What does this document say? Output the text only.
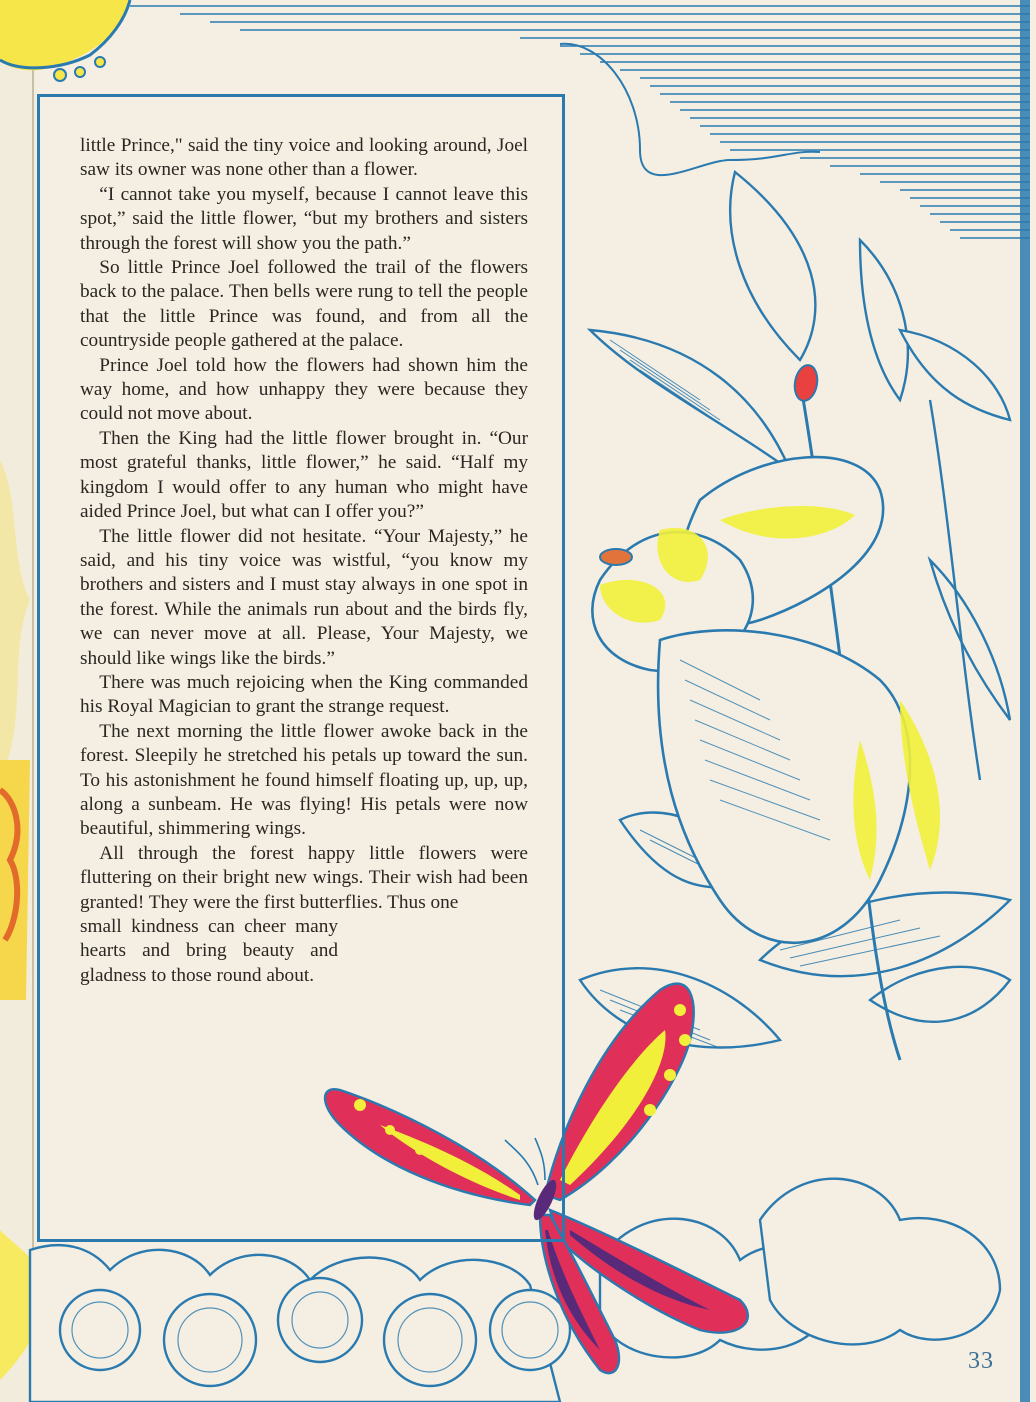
little Prince," said the tiny voice and looking around, Joel saw its owner was none other than a flower.

“I cannot take you myself, because I cannot leave this spot,” said the little flower, “but my brothers and sisters through the forest will show you the path.”

So little Prince Joel followed the trail of the flowers back to the palace. Then bells were rung to tell the people that the little Prince was found, and from all the countryside people gathered at the palace.

Prince Joel told how the flowers had shown him the way home, and how unhappy they were because they could not move about.

Then the King had the little flower brought in. “Our most grateful thanks, little flower,” he said. “Half my kingdom I would offer to any human who might have aided Prince Joel, but what can I offer you?”

The little flower did not hesitate. “Your Majesty,” he said, and his tiny voice was wistful, “you know my brothers and sisters and I must stay always in one spot in the forest. While the animals run about and the birds fly, we can never move at all. Please, Your Majesty, we should like wings like the birds.”

There was much rejoicing when the King commanded his Royal Magician to grant the strange request.

The next morning the little flower awoke back in the forest. Sleepily he stretched his petals up toward the sun. To his astonishment he found himself floating up, up, up, along a sunbeam. He was flying! His petals were now beautiful, shimmering wings.

All through the forest happy little flowers were fluttering on their bright new wings. Their wish had been granted! They were the first butterflies. Thus one

small kindness can cheer many hearts and bring beauty and gladness to those round about.

33
